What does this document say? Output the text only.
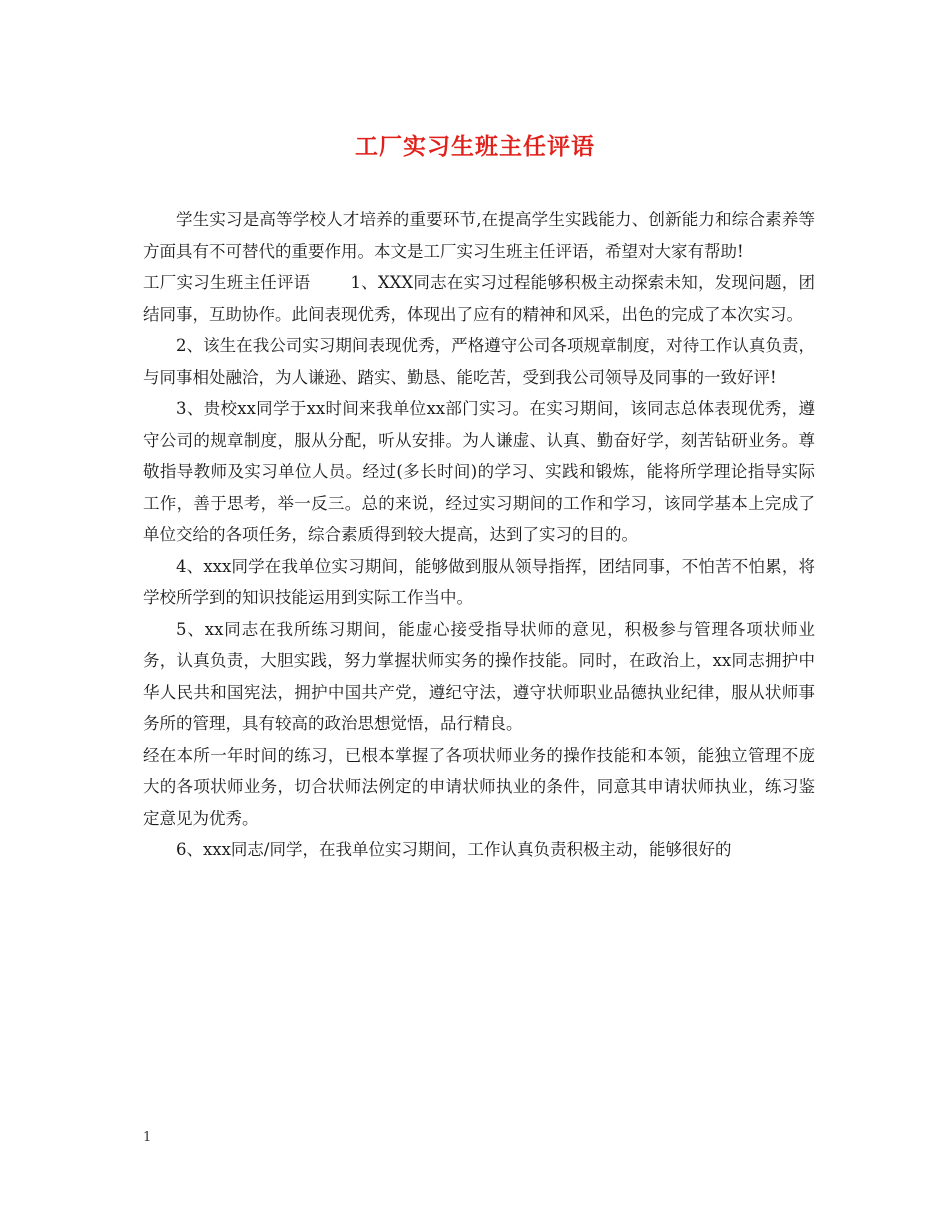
工厂实习生班主任评语

学生实习是高等学校人才培养的重要环节,在提高学生实践能力、创新能力和综合素养等方面具有不可替代的重要作用。本文是工厂实习生班主任评语，希望对大家有帮助!

工厂实习生班主任评语 1、XXX同志在实习过程能够积极主动探索未知，发现问题，团结同事，互助协作。此间表现优秀，体现出了应有的精神和风采，出色的完成了本次实习。

2、该生在我公司实习期间表现优秀，严格遵守公司各项规章制度，对待工作认真负责，与同事相处融洽，为人谦逊、踏实、勤恳、能吃苦，受到我公司领导及同事的一致好评!

3、贵校xx同学于xx时间来我单位xx部门实习。在实习期间，该同志总体表现优秀，遵守公司的规章制度，服从分配，听从安排。为人谦虚、认真、勤奋好学，刻苦钻研业务。尊敬指导教师及实习单位人员。经过(多长时间)的学习、实践和锻炼，能将所学理论指导实际工作，善于思考，举一反三。总的来说，经过实习期间的工作和学习，该同学基本上完成了单位交给的各项任务，综合素质得到较大提高，达到了实习的目的。

4、xxx同学在我单位实习期间，能够做到服从领导指挥，团结同事，不怕苦不怕累，将学校所学到的知识技能运用到实际工作当中。

5、xx同志在我所练习期间，能虚心接受指导状师的意见，积极参与管理各项状师业务，认真负责，大胆实践，努力掌握状师实务的操作技能。同时，在政治上，xx同志拥护中华人民共和国宪法，拥护中国共产党，遵纪守法，遵守状师职业品德执业纪律，服从状师事务所的管理，具有较高的政治思想觉悟，品行精良。

经在本所一年时间的练习，已根本掌握了各项状师业务的操作技能和本领，能独立管理不庞大的各项状师业务，切合状师法例定的申请状师执业的条件，同意其申请状师执业，练习鉴定意见为优秀。

6、xxx同志/同学，在我单位实习期间，工作认真负责积极主动，能够很好的

1
